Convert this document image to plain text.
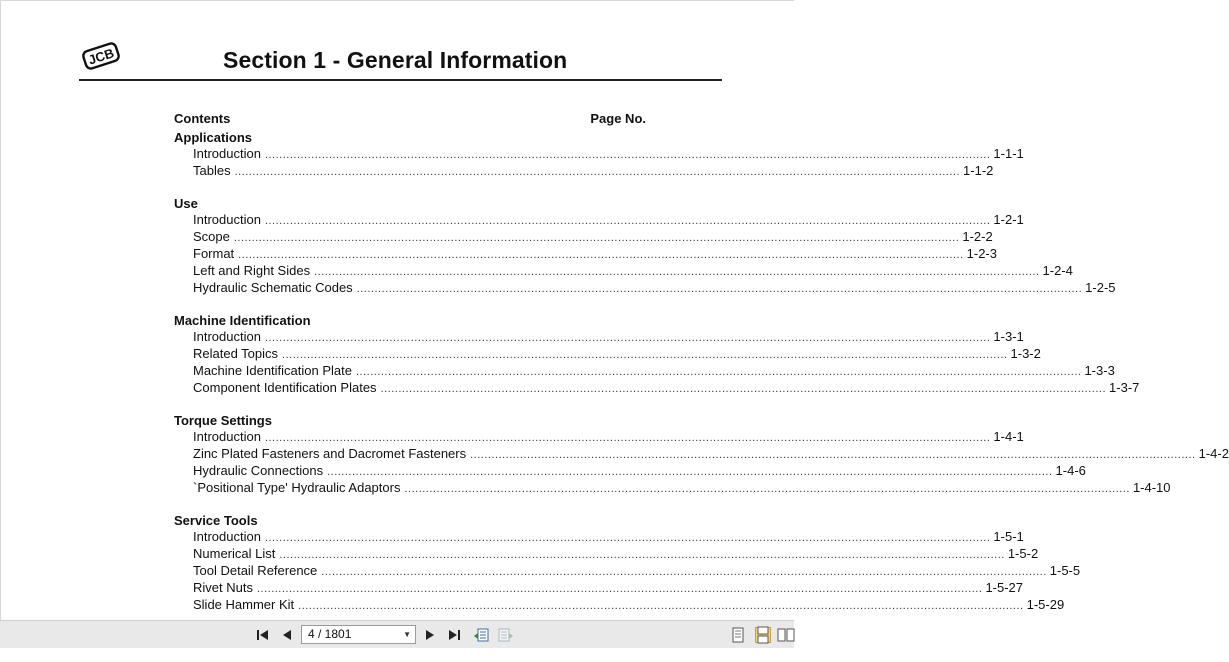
JCB	Section 1 - General Information
Contents	Page No.
Applications
Introduction .....	1-1-1
Tables .....	1-1-2
Use
Introduction .....	1-2-1
Scope .....	1-2-2
Format .....	1-2-3
Left and Right Sides .....	1-2-4
Hydraulic Schematic Codes .....	1-2-5
Machine Identification
Introduction .....	1-3-1
Related Topics .....	1-3-2
Machine Identification Plate .....	1-3-3
Component Identification Plates .....	1-3-7
Torque Settings
Introduction .....	1-4-1
Zinc Plated Fasteners and Dacromet Fasteners .....	1-4-2
Hydraulic Connections .....	1-4-6
`Positional Type' Hydraulic Adaptors .....	1-4-10
Service Tools
Introduction .....	1-5-1
Numerical List .....	1-5-2
Tool Detail Reference .....	1-5-5
Rivet Nuts .....	1-5-27
Slide Hammer Kit .....	1-5-29
4 / 1801	▼
